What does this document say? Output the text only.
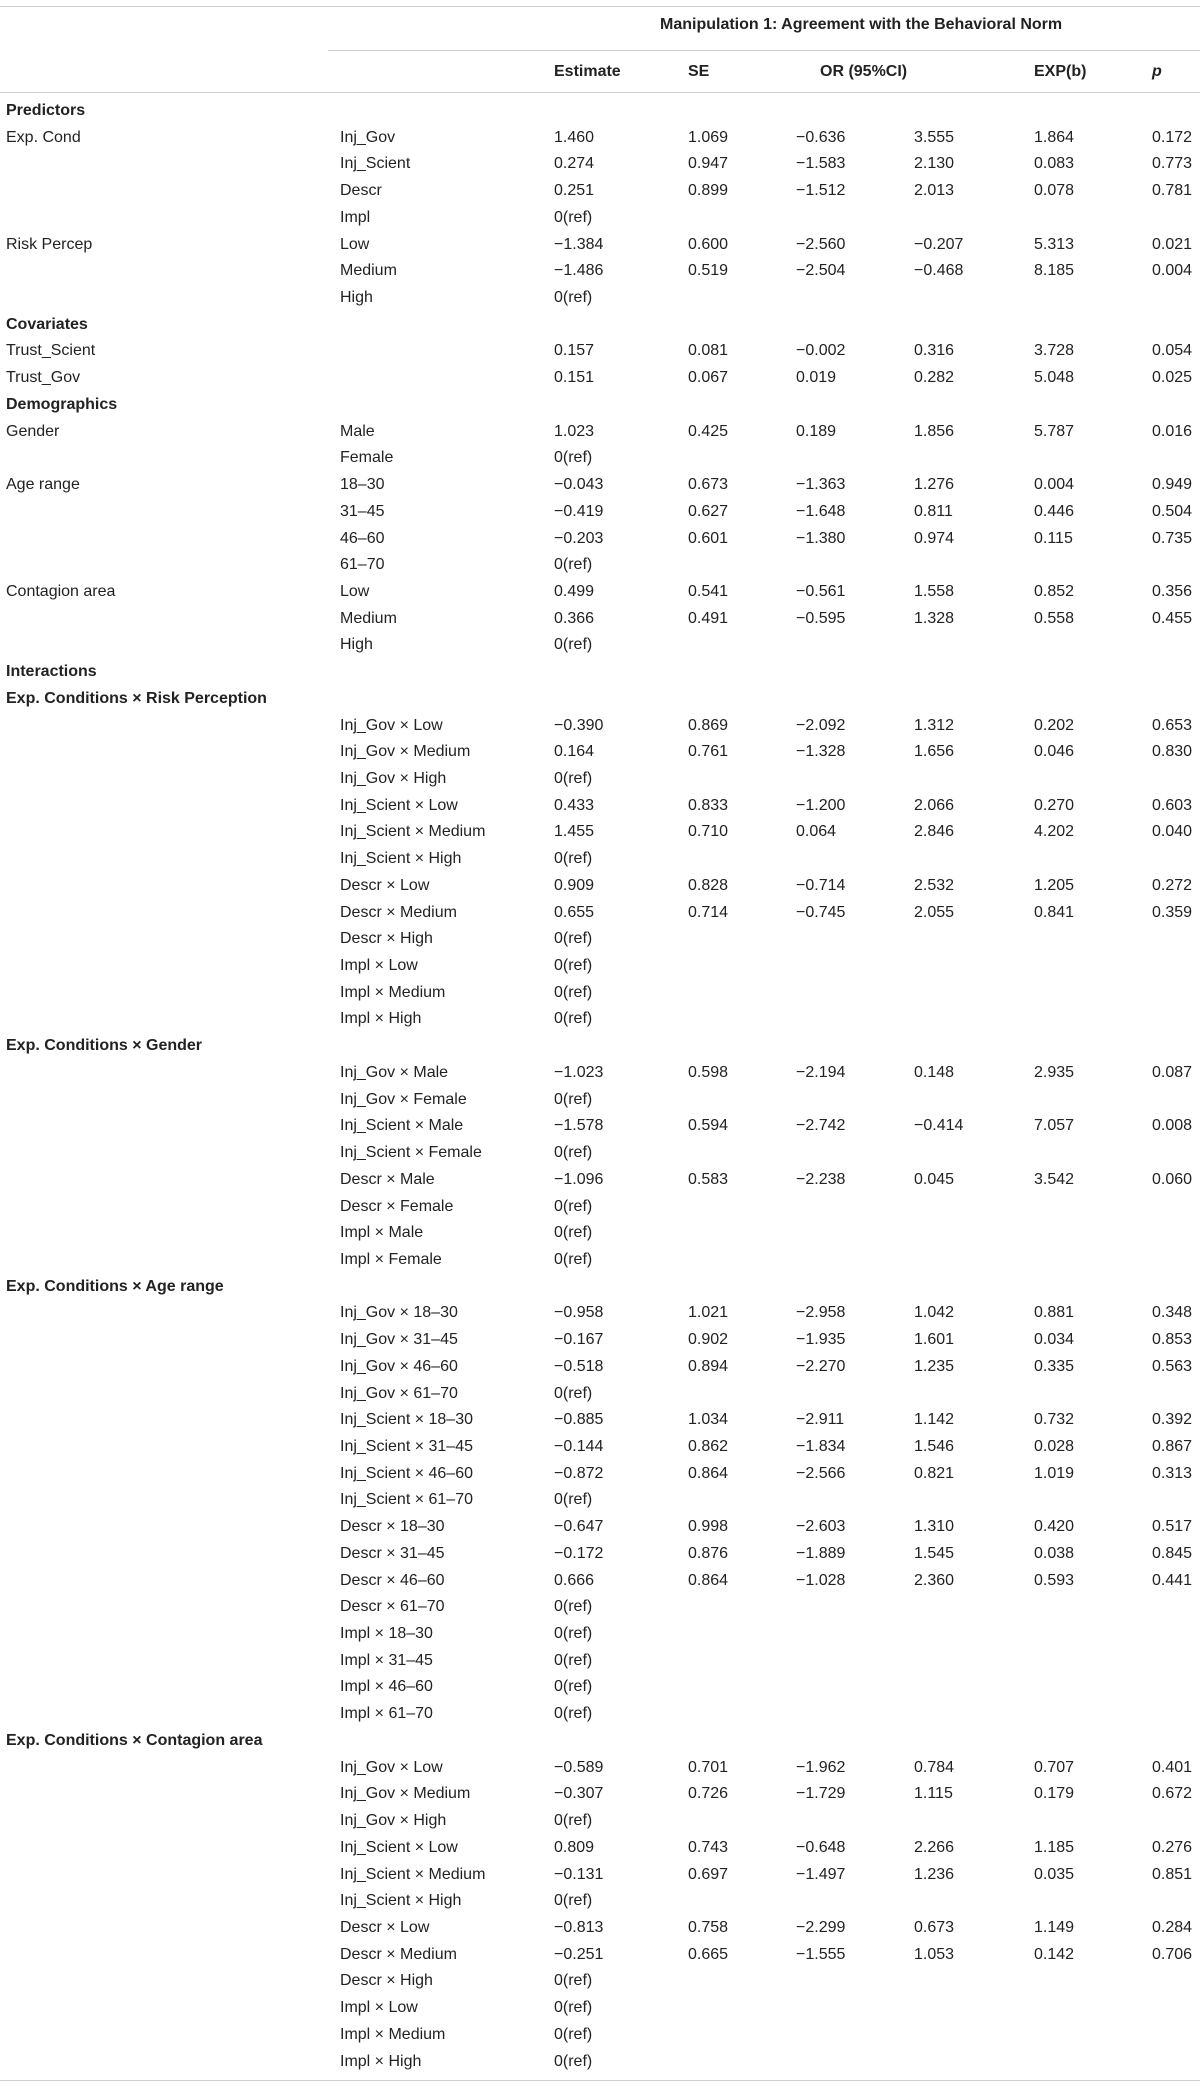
Manipulation 1: Agreement with the Behavioral Norm
Estimate	SE	OR (95%CI)	EXP(b)	p
Predictors
Exp. Cond	Inj_Gov	1.460	1.069	−0.636	3.555	1.864	0.172
Inj_Scient	0.274	0.947	−1.583	2.130	0.083	0.773
Descr	0.251	0.899	−1.512	2.013	0.078	0.781
Impl	0(ref)
Risk Percep	Low	−1.384	0.600	−2.560	−0.207	5.313	0.021
Medium	−1.486	0.519	−2.504	−0.468	8.185	0.004
High	0(ref)
Covariates
Trust_Scient	0.157	0.081	−0.002	0.316	3.728	0.054
Trust_Gov	0.151	0.067	0.019	0.282	5.048	0.025
Demographics
Gender	Male	1.023	0.425	0.189	1.856	5.787	0.016
Female	0(ref)
Age range	18–30	−0.043	0.673	−1.363	1.276	0.004	0.949
31–45	−0.419	0.627	−1.648	0.811	0.446	0.504
46–60	−0.203	0.601	−1.380	0.974	0.115	0.735
61–70	0(ref)
Contagion area	Low	0.499	0.541	−0.561	1.558	0.852	0.356
Medium	0.366	0.491	−0.595	1.328	0.558	0.455
High	0(ref)
Interactions
Exp. Conditions × Risk Perception
Inj_Gov × Low	−0.390	0.869	−2.092	1.312	0.202	0.653
Inj_Gov × Medium	0.164	0.761	−1.328	1.656	0.046	0.830
Inj_Gov × High	0(ref)
Inj_Scient × Low	0.433	0.833	−1.200	2.066	0.270	0.603
Inj_Scient × Medium	1.455	0.710	0.064	2.846	4.202	0.040
Inj_Scient × High	0(ref)
Descr × Low	0.909	0.828	−0.714	2.532	1.205	0.272
Descr × Medium	0.655	0.714	−0.745	2.055	0.841	0.359
Descr × High	0(ref)
Impl × Low	0(ref)
Impl × Medium	0(ref)
Impl × High	0(ref)
Exp. Conditions × Gender
Inj_Gov × Male	−1.023	0.598	−2.194	0.148	2.935	0.087
Inj_Gov × Female	0(ref)
Inj_Scient × Male	−1.578	0.594	−2.742	−0.414	7.057	0.008
Inj_Scient × Female	0(ref)
Descr × Male	−1.096	0.583	−2.238	0.045	3.542	0.060
Descr × Female	0(ref)
Impl × Male	0(ref)
Impl × Female	0(ref)
Exp. Conditions × Age range
Inj_Gov × 18–30	−0.958	1.021	−2.958	1.042	0.881	0.348
Inj_Gov × 31–45	−0.167	0.902	−1.935	1.601	0.034	0.853
Inj_Gov × 46–60	−0.518	0.894	−2.270	1.235	0.335	0.563
Inj_Gov × 61–70	0(ref)
Inj_Scient × 18–30	−0.885	1.034	−2.911	1.142	0.732	0.392
Inj_Scient × 31–45	−0.144	0.862	−1.834	1.546	0.028	0.867
Inj_Scient × 46–60	−0.872	0.864	−2.566	0.821	1.019	0.313
Inj_Scient × 61–70	0(ref)
Descr × 18–30	−0.647	0.998	−2.603	1.310	0.420	0.517
Descr × 31–45	−0.172	0.876	−1.889	1.545	0.038	0.845
Descr × 46–60	0.666	0.864	−1.028	2.360	0.593	0.441
Descr × 61–70	0(ref)
Impl × 18–30	0(ref)
Impl × 31–45	0(ref)
Impl × 46–60	0(ref)
Impl × 61–70	0(ref)
Exp. Conditions × Contagion area
Inj_Gov × Low	−0.589	0.701	−1.962	0.784	0.707	0.401
Inj_Gov × Medium	−0.307	0.726	−1.729	1.115	0.179	0.672
Inj_Gov × High	0(ref)
Inj_Scient × Low	0.809	0.743	−0.648	2.266	1.185	0.276
Inj_Scient × Medium	−0.131	0.697	−1.497	1.236	0.035	0.851
Inj_Scient × High	0(ref)
Descr × Low	−0.813	0.758	−2.299	0.673	1.149	0.284
Descr × Medium	−0.251	0.665	−1.555	1.053	0.142	0.706
Descr × High	0(ref)
Impl × Low	0(ref)
Impl × Medium	0(ref)
Impl × High	0(ref)
